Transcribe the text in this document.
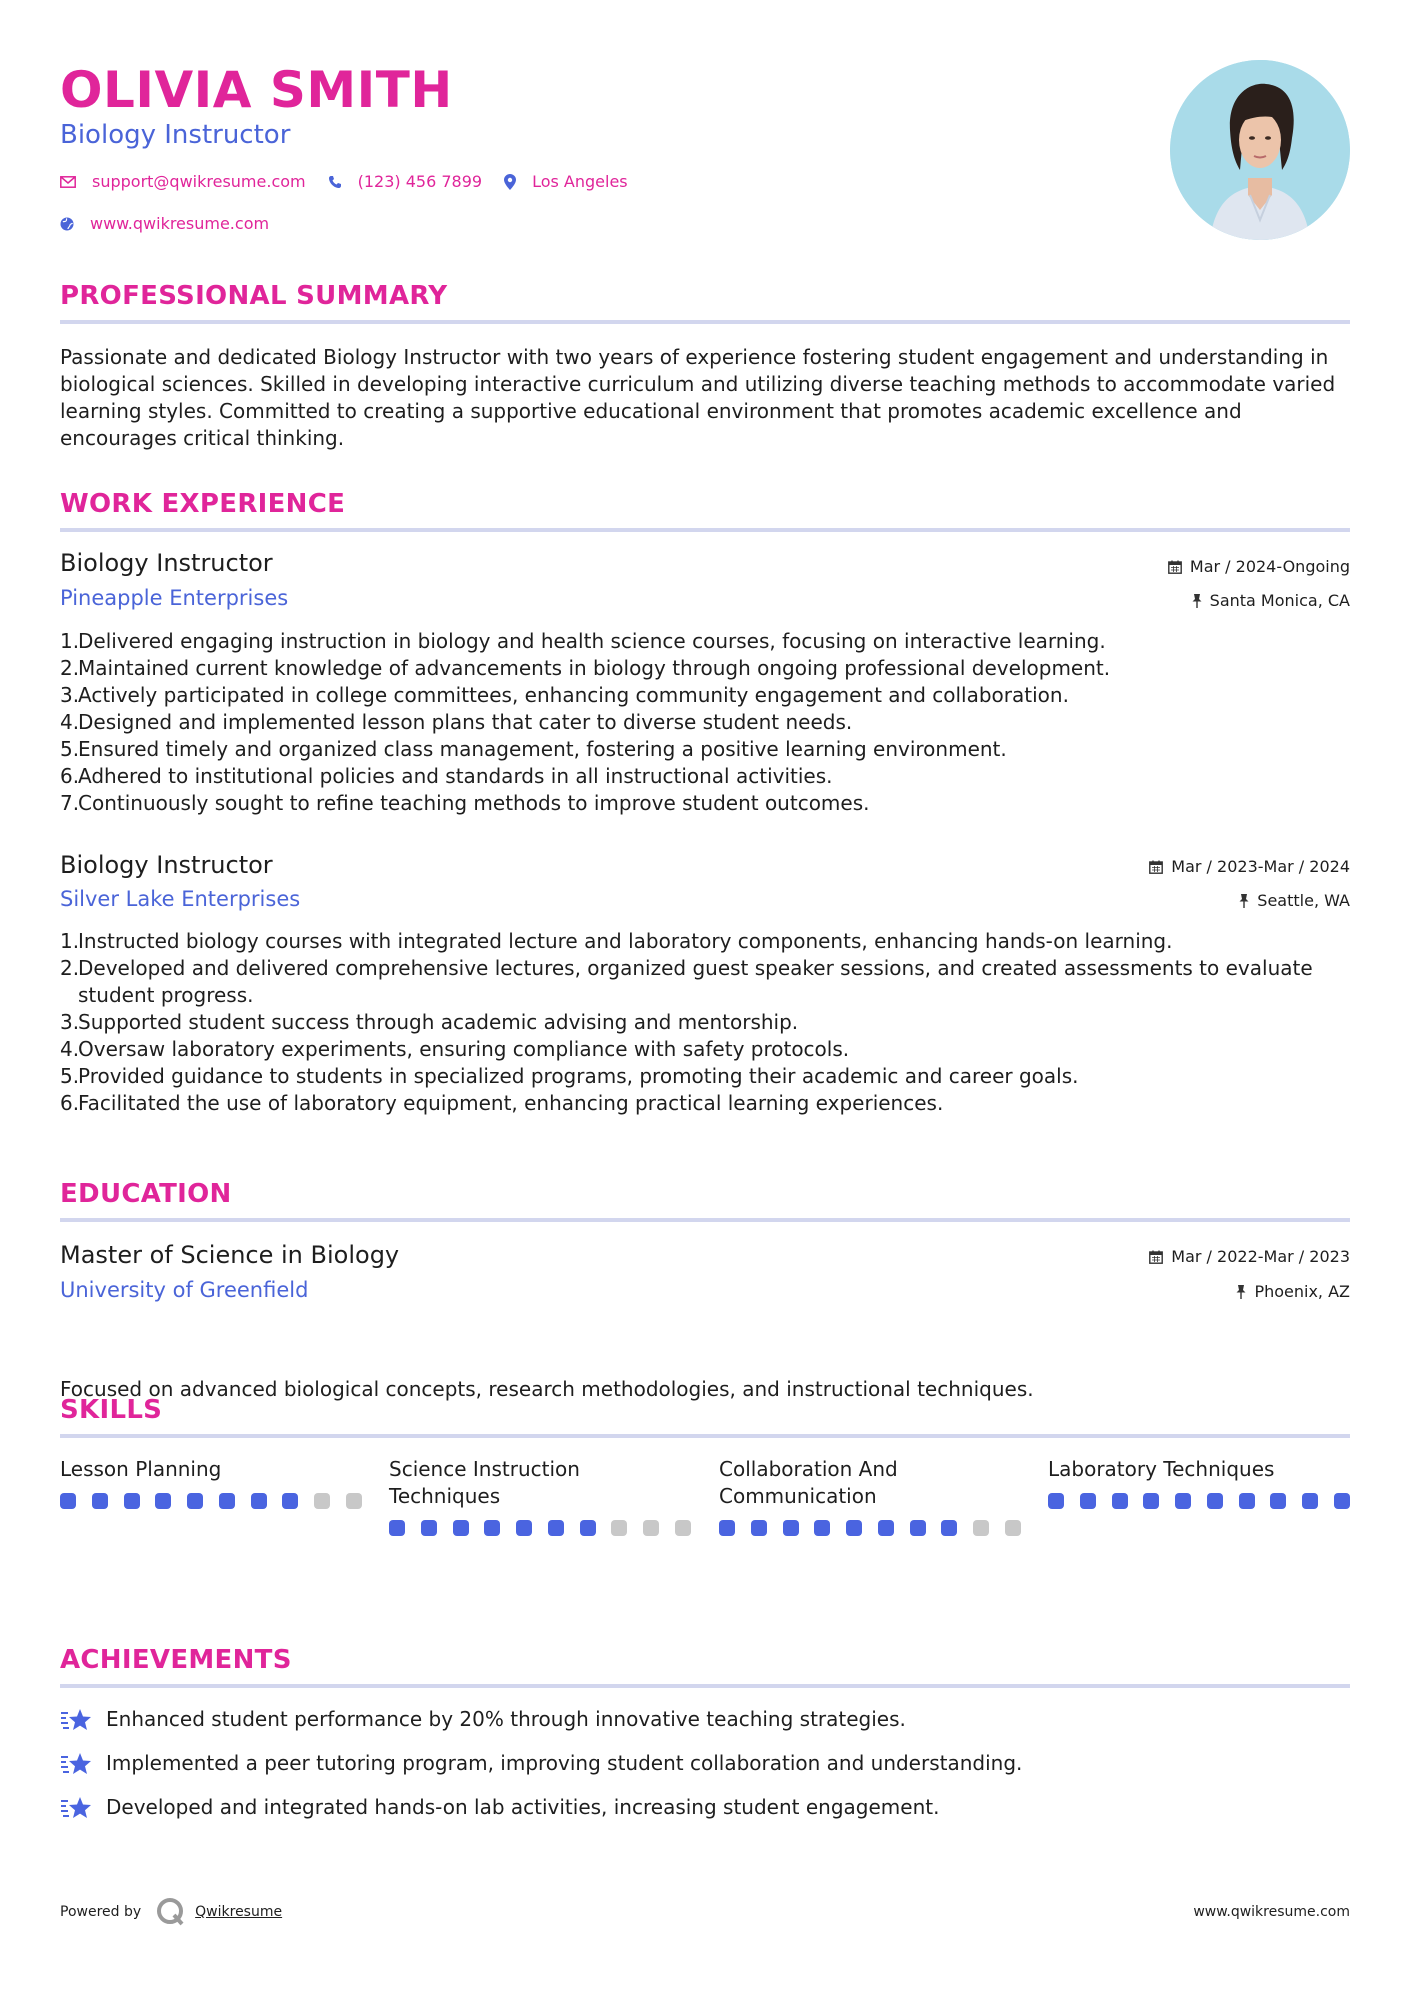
OLIVIA SMITH
Biology Instructor
support@qwikresume.com	(123) 456 7899	Los Angeles
www.qwikresume.com
PROFESSIONAL SUMMARY
Passionate and dedicated Biology Instructor with two years of experience fostering student engagement and understanding in biological sciences. Skilled in developing interactive curriculum and utilizing diverse teaching methods to accommodate varied learning styles. Committed to creating a supportive educational environment that promotes academic excellence and encourages critical thinking.
WORK EXPERIENCE
Biology Instructor	Mar / 2024-Ongoing
Pineapple Enterprises	Santa Monica, CA
1.
Delivered engaging instruction in biology and health science courses, focusing on interactive learning.
2.
Maintained current knowledge of advancements in biology through ongoing professional development.
3.
Actively participated in college committees, enhancing community engagement and collaboration.
4.
Designed and implemented lesson plans that cater to diverse student needs.
5.
Ensured timely and organized class management, fostering a positive learning environment.
6.
Adhered to institutional policies and standards in all instructional activities.
7.
Continuously sought to refine teaching methods to improve student outcomes.
Biology Instructor	Mar / 2023-Mar / 2024
Silver Lake Enterprises	Seattle, WA
1.
Instructed biology courses with integrated lecture and laboratory components, enhancing hands-on learning.
2.
Developed and delivered comprehensive lectures, organized guest speaker sessions, and created assessments to evaluate student progress.
3.
Supported student success through academic advising and mentorship.
4.
Oversaw laboratory experiments, ensuring compliance with safety protocols.
5.
Provided guidance to students in specialized programs, promoting their academic and career goals.
6.
Facilitated the use of laboratory equipment, enhancing practical learning experiences.
EDUCATION
Master of Science in Biology	Mar / 2022-Mar / 2023
University of Greenfield	Phoenix, AZ
Focused on advanced biological concepts, research methodologies, and instructional techniques.
SKILLS
Lesson Planning	Science Instruction Techniques
Collaboration And Communication
Laboratory Techniques
ACHIEVEMENTS
Enhanced student performance by 20% through innovative teaching strategies.
Implemented a peer tutoring program, improving student collaboration and understanding.
Developed and integrated hands-on lab activities, increasing student engagement.
Powered by	Qwikresume	www.qwikresume.com
